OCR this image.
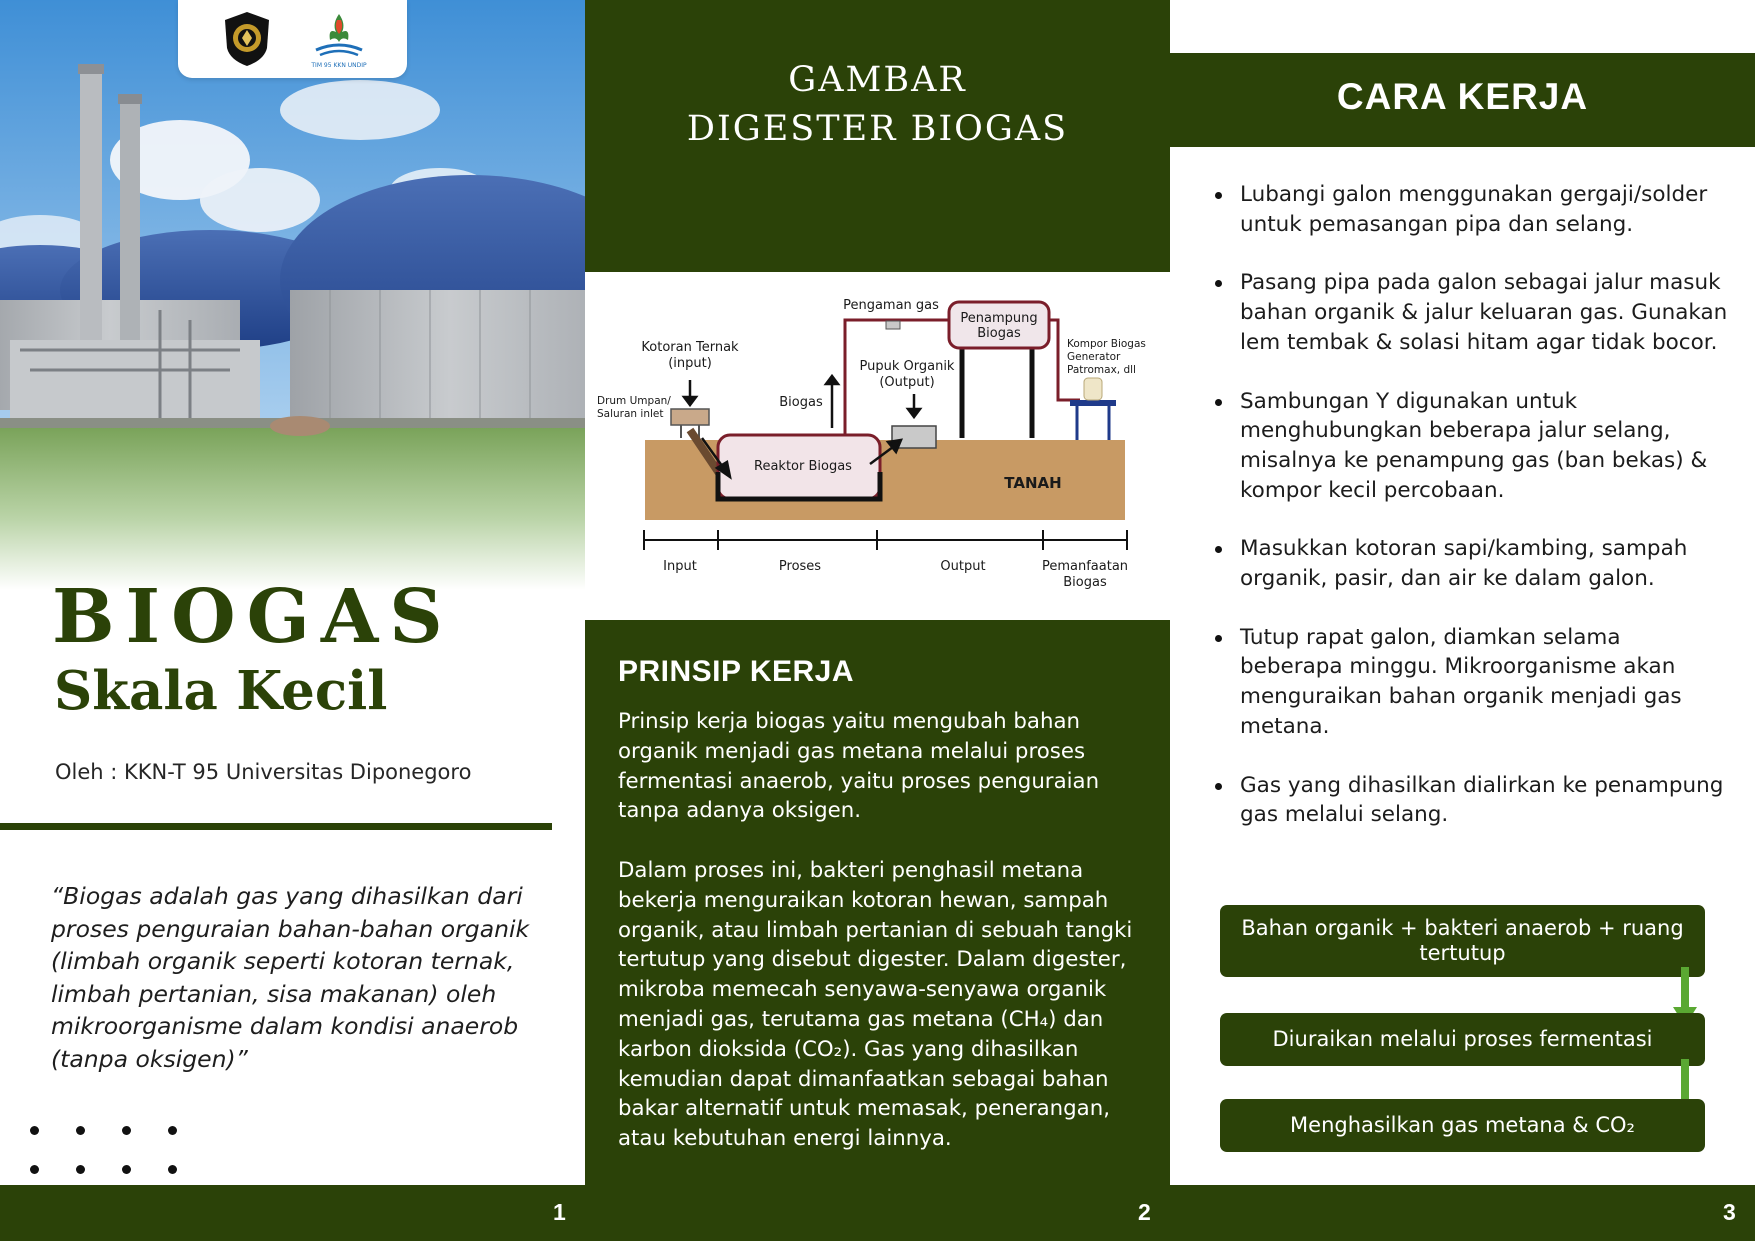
TIM 95 KKN UNDIP
BIOGAS
Skala Kecil
Oleh : KKN-T 95 Universitas Diponegoro

“Biogas adalah gas yang dihasilkan dari proses penguraian bahan-bahan organik (limbah organik seperti kotoran ternak, limbah pertanian, sisa makanan) oleh mikroorganisme dalam kondisi anaerob (tanpa oksigen)”

GAMBAR
DIGESTER BIOGAS
Pengaman gas
Penampung
Biogas
Kotoran Ternak
(input)	Pupuk Organik
(Output)
Biogas
Reaktor Biogas
Input	Proses	Output	Pemanfaatan
Biogas
Kompor Biogas
Generator
Patromax, dll
Drum Umpan/
Saluran inlet
TANAH
PRINSIP KERJA

Prinsip kerja biogas yaitu mengubah bahan organik menjadi gas metana melalui proses fermentasi anaerob, yaitu proses penguraian tanpa adanya oksigen.

Dalam proses ini, bakteri penghasil metana bekerja menguraikan kotoran hewan, sampah organik, atau limbah pertanian di sebuah tangki tertutup yang disebut digester. Dalam digester, mikroba memecah senyawa-senyawa organik menjadi gas, terutama gas metana (CH₄) dan karbon dioksida (CO₂). Gas yang dihasilkan kemudian dapat dimanfaatkan sebagai bahan bakar alternatif untuk memasak, penerangan, atau kebutuhan energi lainnya.

CARA KERJA
Lubangi galon menggunakan gergaji/solder untuk pemasangan pipa dan selang.
Pasang pipa pada galon sebagai jalur masuk bahan organik & jalur keluaran gas. Gunakan lem tembak & solasi hitam agar tidak bocor.
Sambungan Y digunakan untuk menghubungkan beberapa jalur selang, misalnya ke penampung gas (ban bekas) & kompor kecil percobaan.
Masukkan kotoran sapi/kambing, sampah organik, pasir, dan air ke dalam galon.
Tutup rapat galon, diamkan selama beberapa minggu. Mikroorganisme akan menguraikan bahan organik menjadi gas metana.
Gas yang dihasilkan dialirkan ke penampung gas melalui selang.
Bahan organik + bakteri anaerob + ruang tertutup
Diuraikan melalui proses fermentasi
Menghasilkan gas metana & CO₂
1	2	3
